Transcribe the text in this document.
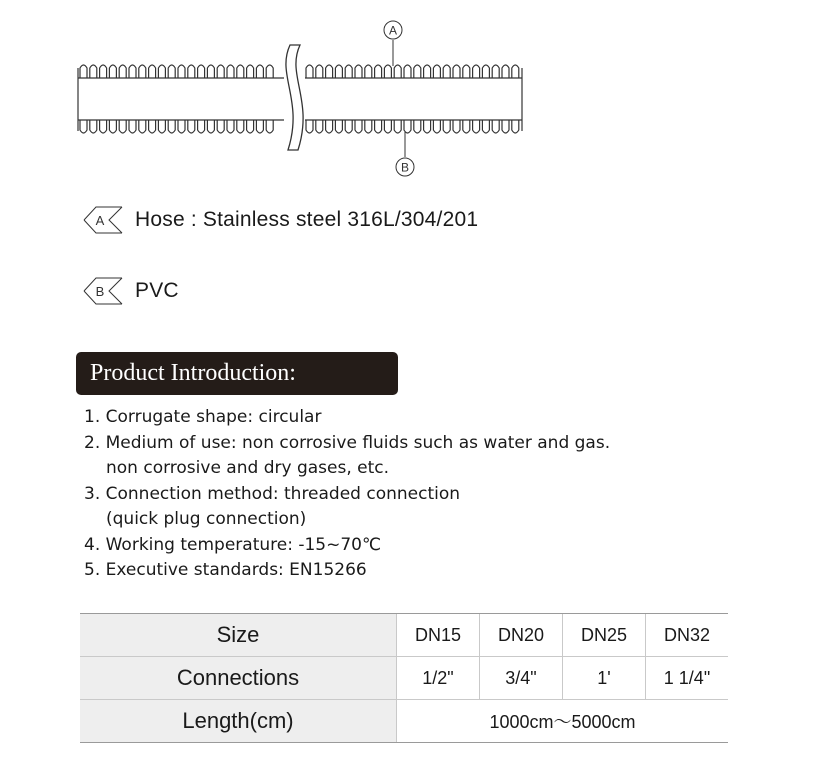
A
B
A Hose : Stainless steel 316L/304/201
B PVC
Product Introduction:
1. Corrugate shape: circular
2. Medium of use: non corrosive fluids such as water and gas.
non corrosive and dry gases, etc.
3. Connection method: threaded connection
(quick plug connection)
4. Working temperature: -15~70℃
5. Executive standards: EN15266
Size	DN15	DN20	DN25	DN32
Connections	1/2"	3/4"	1'	1 1/4"
Length(cm)	1000cm～5000cm			
